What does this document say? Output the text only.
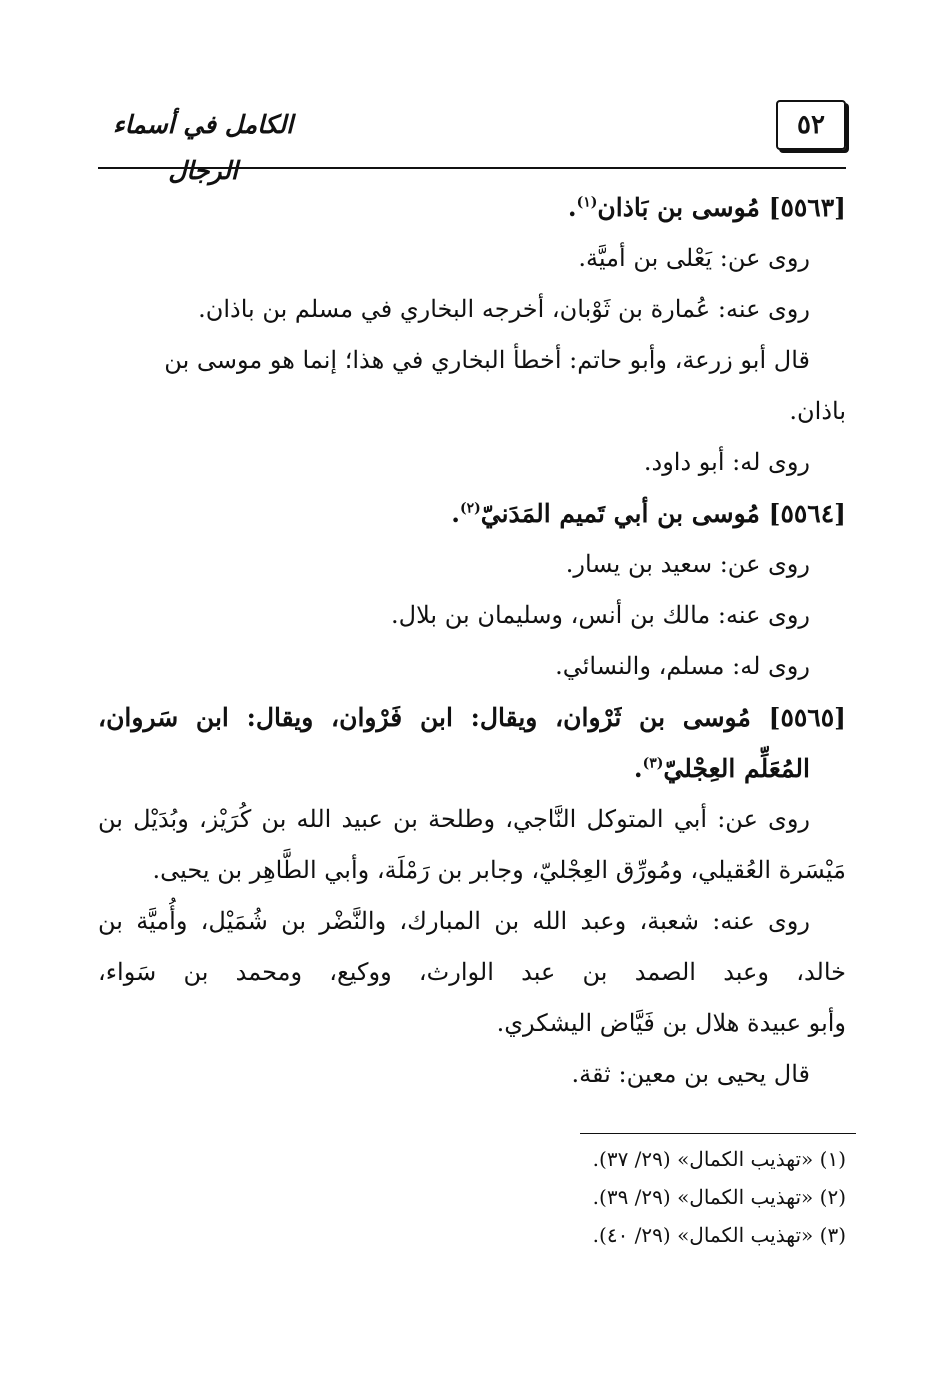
٥٢
الكامل في أسماء الرجال
[٥٥٦٣] مُوسى بن بَاذان$^{(١)}$.
روى عن: يَعْلى بن أميَّة.
روى عنه: عُمارة بن ثَوْبان، أخرجه البخاري في مسلم بن باذان.
قال أبو زرعة، وأبو حاتم: أخطأ البخاري في هذا؛ إنما هو موسى بن
باذان.
روى له: أبو داود.
[٥٥٦٤] مُوسى بن أبي تَميم المَدَنيّ$^{(٢)}$.
روى عن: سعيد بن يسار.
روى عنه: مالك بن أنس، وسليمان بن بلال.
روى له: مسلم، والنسائي.
[٥٥٦٥] مُوسى بن ثَرْوان، ويقال: ابن فَرْوان، ويقال: ابن سَروان،
المُعَلِّم العِجْليّ$^{(٣)}$.
روى عن: أبي المتوكل النَّاجي، وطلحة بن عبيد الله بن كُرَيْز، وبُدَيْل بن
مَيْسَرة العُقيلي، ومُورِّق العِجْليّ، وجابر بن رَمْلَة، وأبي الطَّاهِر بن يحيى.
روى عنه: شعبة، وعبد الله بن المبارك، والنَّضْر بن شُمَيْل، وأُميَّة بن
خالد، وعبد الصمد بن عبد الوارث، ووكيع، ومحمد بن سَواء،
وأبو عبيدة هلال بن فَيَّاض اليشكري.
قال يحيى بن معين: ثقة.
(١) «تهذيب الكمال» (٢٩/ ٣٧).
(٢) «تهذيب الكمال» (٢٩/ ٣٩).
(٣) «تهذيب الكمال» (٢٩/ ٤٠).
